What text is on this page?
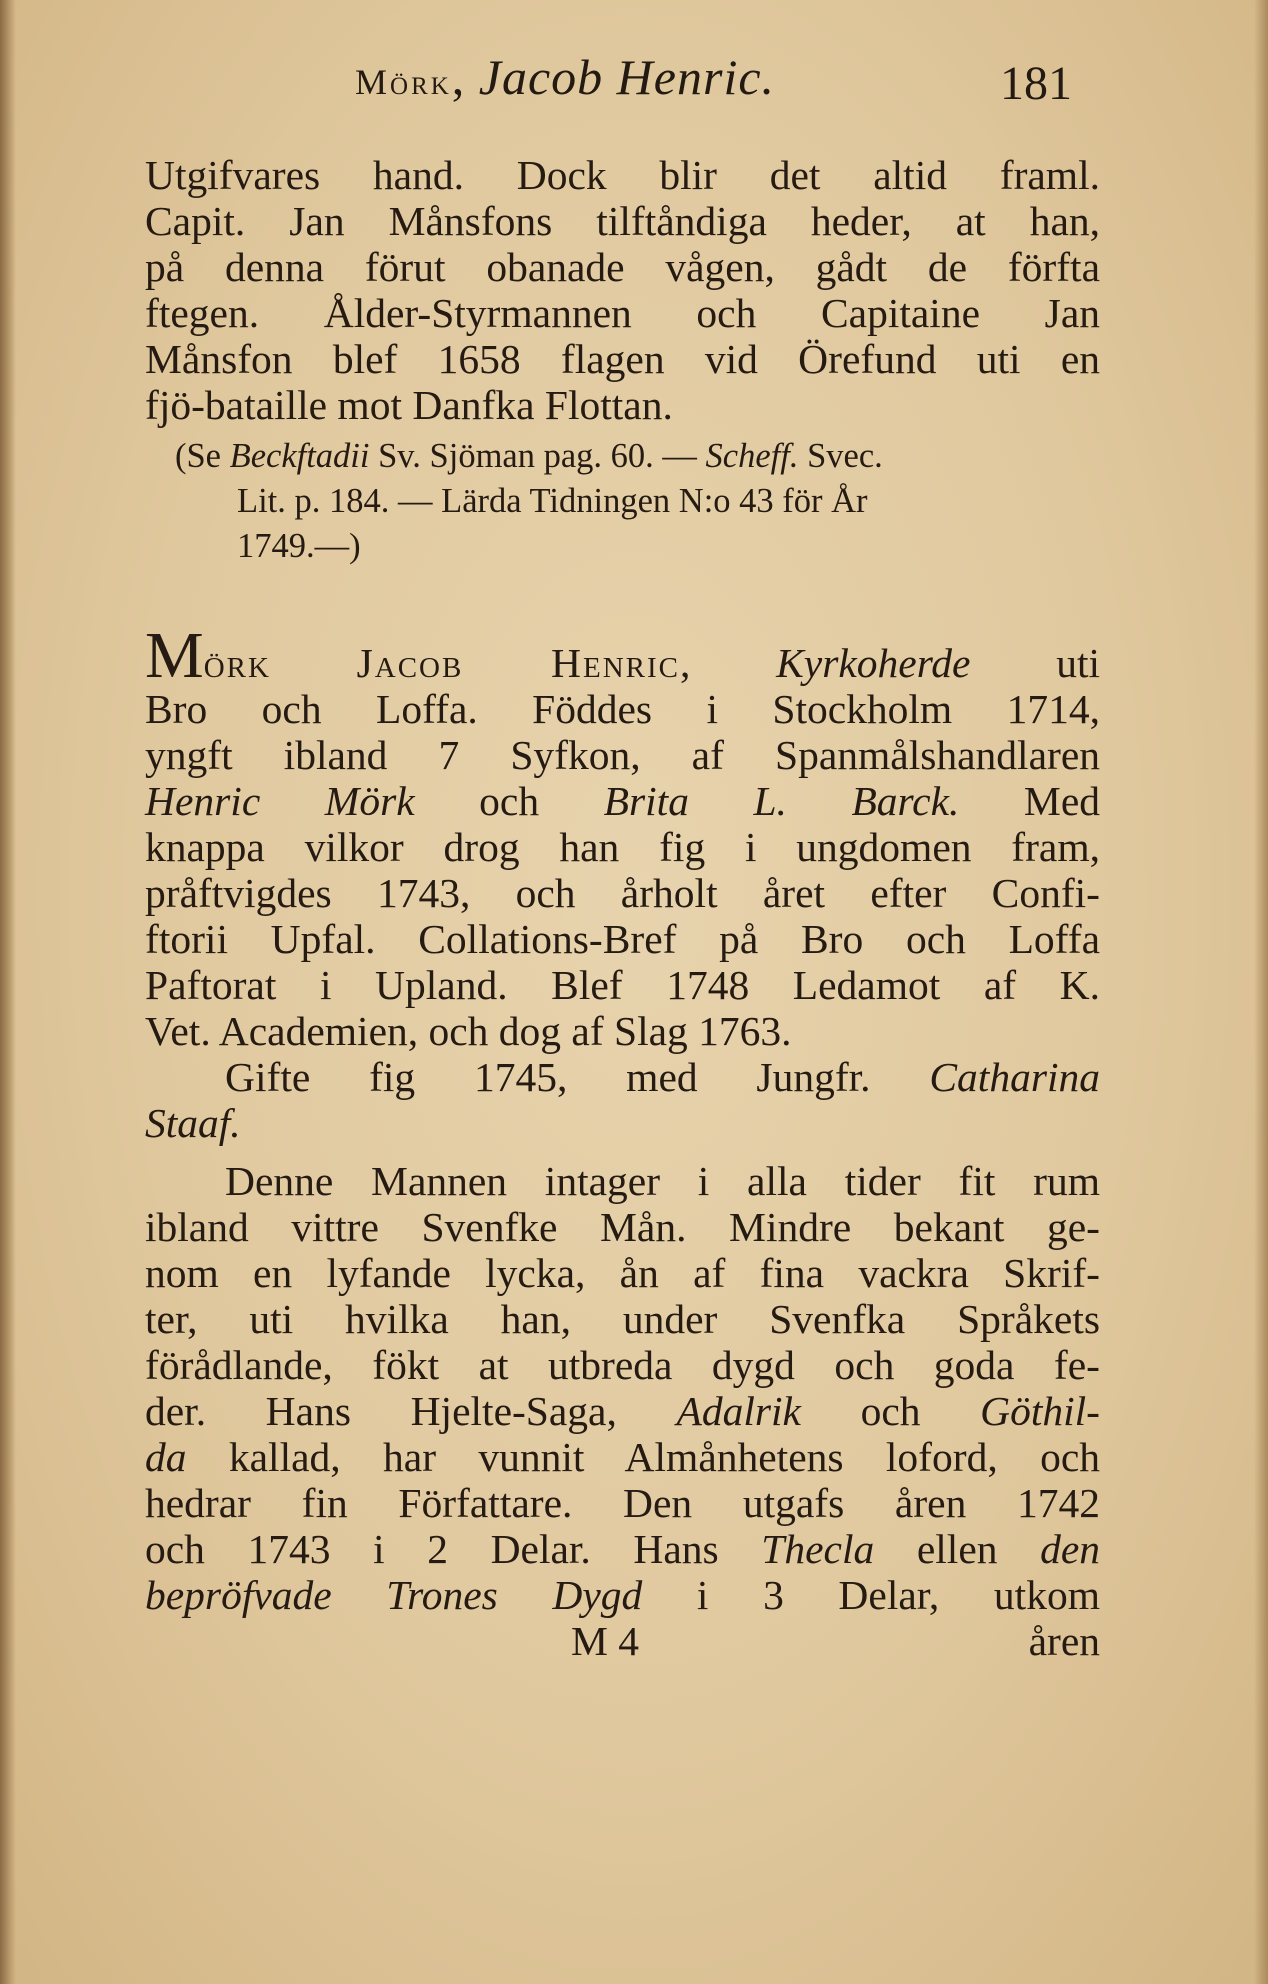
Mörk, Jacob Henric.	181

Utgifvares hand. Dock blir det altid framl.

Capit. Jan Månsfons tilftåndiga heder, at han,

på denna förut obanade vågen, gådt de förfta

ftegen. Ålder-Styrmannen och Capitaine Jan

Månsfon blef 1658 flagen vid Örefund uti en

fjö-bataille mot Danfka Flottan.

(Se Beckftadii Sv. Sjöman pag. 60. — Scheff. Svec.
Lit. p. 184. — Lärda Tidningen N:o 43 för År
1749.—)

Mörk Jacob Henric, Kyrkoherde uti

Bro och Loffa. Föddes i Stockholm 1714,

yngft ibland 7 Syfkon, af Spanmålshandlaren

Henric Mörk och Brita L. Barck. Med

knappa vilkor drog han fig i ungdomen fram,

pråftvigdes 1743, och årholt året efter Confi-

ftorii Upfal. Collations-Bref på Bro och Loffa

Paftorat i Upland. Blef 1748 Ledamot af K.

Vet. Academien, och dog af Slag 1763.

Gifte fig 1745, med Jungfr. Catharina

Staaf.

Denne Mannen intager i alla tider fit rum

ibland vittre Svenfke Mån. Mindre bekant ge-

nom en lyfande lycka, ån af fina vackra Skrif-

ter, uti hvilka han, under Svenfka Språkets

förådlande, fökt at utbreda dygd och goda fe-

der. Hans Hjelte-Saga, Adalrik och Göthil-

da kallad, har vunnit Almånhetens loford, och

hedrar fin Författare. Den utgafs åren 1742

och 1743 i 2 Delar. Hans Thecla ellen den

bepröfvade Trones Dygd i 3 Delar, utkom

M 4	åren
